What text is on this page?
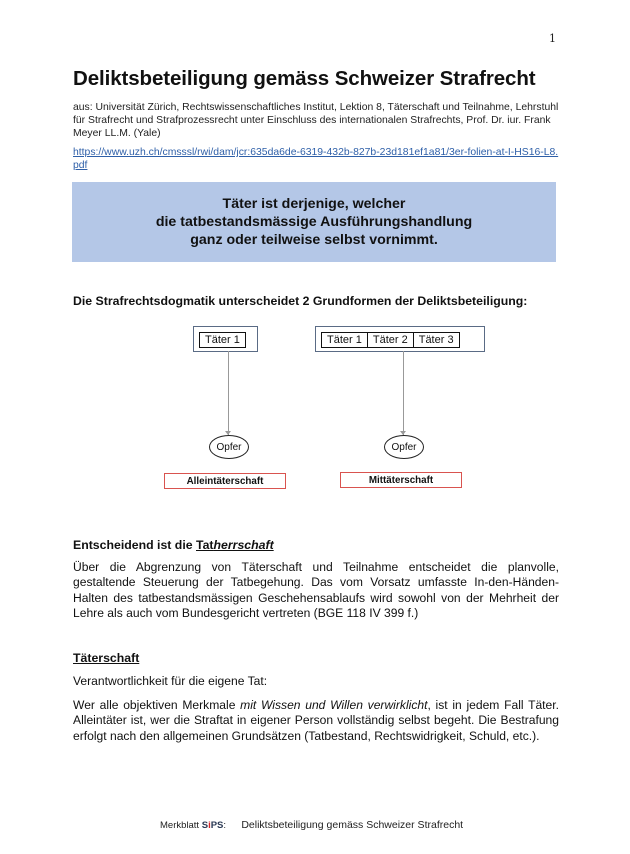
1
Deliktsbeteiligung gemäss Schweizer Strafrecht
aus: Universität Zürich, Rechtswissenschaftliches Institut, Lektion 8, Täterschaft und Teilnahme, Lehrstuhl für Strafrecht und Strafprozessrecht unter Einschluss des internationalen Strafrechts, Prof. Dr. iur. Frank Meyer LL.M. (Yale)
https://www.uzh.ch/cmsssl/rwi/dam/jcr:635da6de-6319-432b-827b-23d181ef1a81/3er-folien-at-I-HS16-L8.pdf
Täter ist derjenige, welcher
die tatbestandsmässige Ausführungshandlung
ganz oder teilweise selbst vornimmt.
Die Strafrechtsdogmatik unterscheidet 2 Grundformen der Deliktsbeteiligung:
Täter 1
Opfer
Alleintäterschaft
Täter 1	Täter 2	Täter 3
Opfer
Mittäterschaft
Entscheidend ist die Tatherrschaft
Über die Abgrenzung von Täterschaft und Teilnahme entscheidet die planvolle, gestaltende Steuerung der Tatbegehung. Das vom Vorsatz umfasste In-den-Händen-Halten des tatbestandsmässigen Geschehensablaufs wird sowohl von der Mehrheit der Lehre als auch vom Bundesgericht vertreten (BGE 118 IV 399 f.)
Täterschaft
Verantwortlichkeit für die eigene Tat:
Wer alle objektiven Merkmale mit Wissen und Willen verwirklicht, ist in jedem Fall Täter. Alleintäter ist, wer die Straftat in eigener Person vollständig selbst begeht. Die Bestrafung erfolgt nach den allgemeinen Grundsätzen (Tatbestand, Rechtswidrigkeit, Schuld, etc.).
Merkblatt SiPS: Deliktsbeteiligung gemäss Schweizer Strafrecht
